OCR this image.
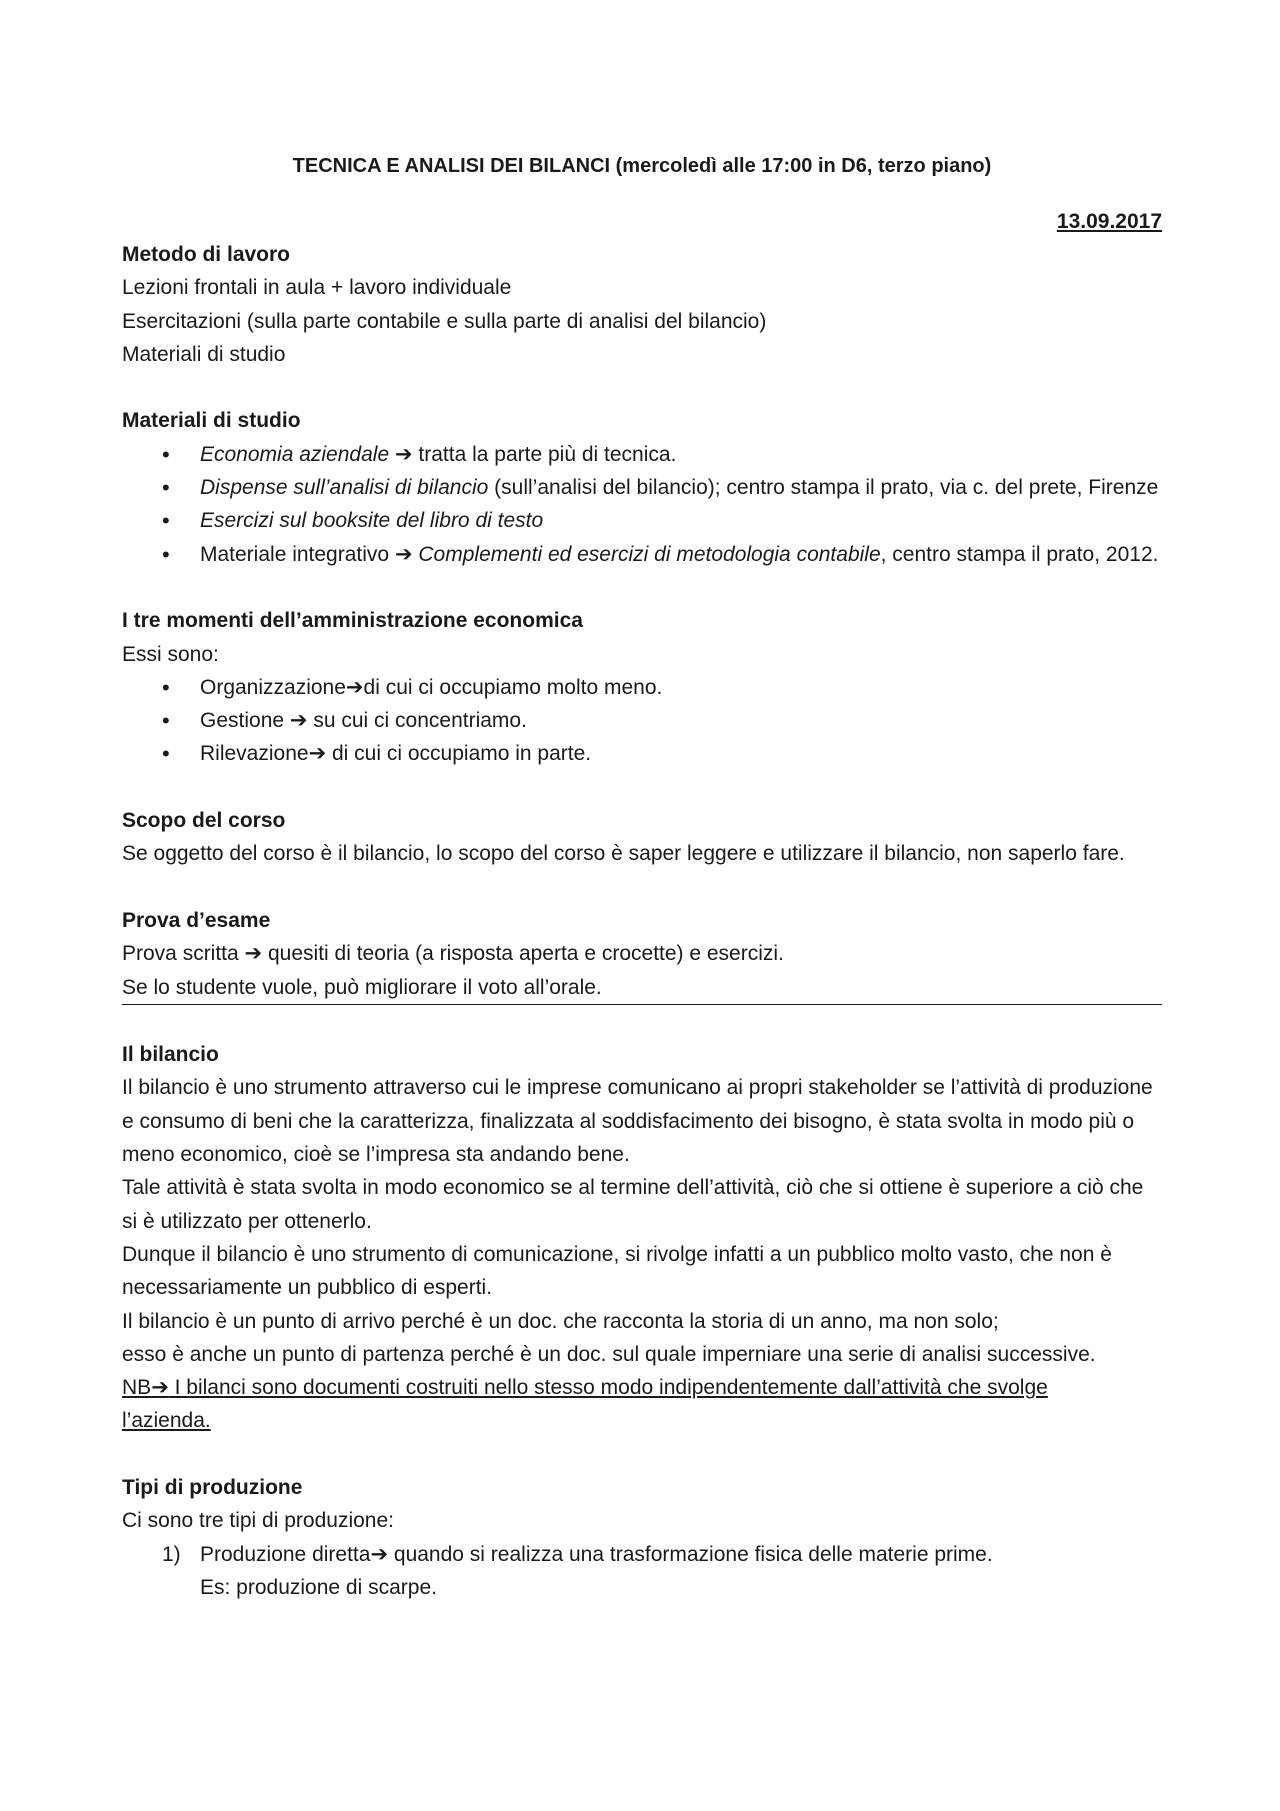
TECNICA E ANALISI DEI BILANCI (mercoledì alle 17:00 in D6, terzo piano)

13.09.2017

Metodo di lavoro

Lezioni frontali in aula + lavoro individuale

Esercitazioni (sulla parte contabile e sulla parte di analisi del bilancio)

Materiali di studio

Materiali di studio

• Economia aziendale ➔ tratta la parte più di tecnica.
• Dispense sull’analisi di bilancio (sull’analisi del bilancio); centro stampa il prato, via c. del prete, Firenze
• Esercizi sul booksite del libro di testo
• Materiale integrativo ➔ Complementi ed esercizi di metodologia contabile, centro stampa il prato, 2012.

I tre momenti dell’amministrazione economica

Essi sono:

• Organizzazione➔di cui ci occupiamo molto meno.
• Gestione ➔ su cui ci concentriamo.
• Rilevazione➔ di cui ci occupiamo in parte.

Scopo del corso

Se oggetto del corso è il bilancio, lo scopo del corso è saper leggere e utilizzare il bilancio, non saperlo fare.

Prova d’esame

Prova scritta ➔ quesiti di teoria (a risposta aperta e crocette) e esercizi.

Se lo studente vuole, può migliorare il voto all’orale.

Il bilancio

Il bilancio è uno strumento attraverso cui le imprese comunicano ai propri stakeholder se l’attività di produzione e consumo di beni che la caratterizza, finalizzata al soddisfacimento dei bisogno, è stata svolta in modo più o meno economico, cioè se l’impresa sta andando bene.

Tale attività è stata svolta in modo economico se al termine dell’attività, ciò che si ottiene è superiore a ciò che si è utilizzato per ottenerlo.

Dunque il bilancio è uno strumento di comunicazione, si rivolge infatti a un pubblico molto vasto, che non è necessariamente un pubblico di esperti.

Il bilancio è un punto di arrivo perché è un doc. che racconta la storia di un anno, ma non solo;

esso è anche un punto di partenza perché è un doc. sul quale imperniare una serie di analisi successive.

NB➔ I bilanci sono documenti costruiti nello stesso modo indipendentemente dall’attività che svolge l’azienda.

Tipi di produzione

Ci sono tre tipi di produzione:

1) Produzione diretta➔ quando si realizza una trasformazione fisica delle materie prime.
Es: produzione di scarpe.
